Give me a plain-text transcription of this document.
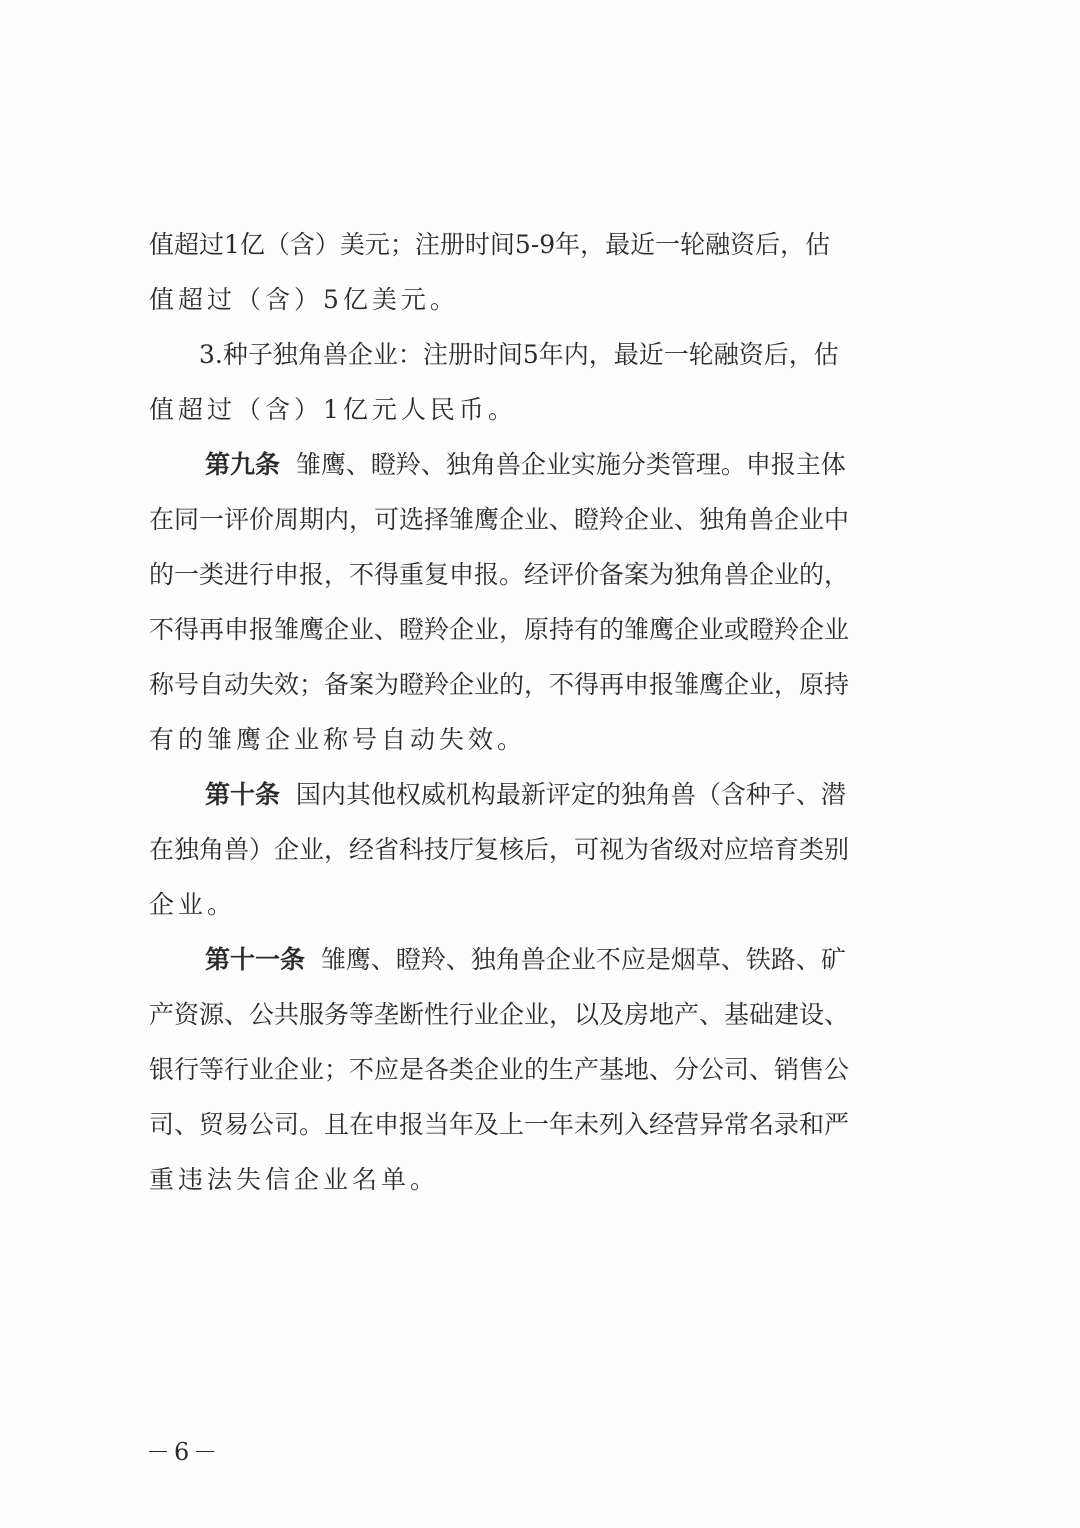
值超过1亿（含）美元；注册时间5-9年，最近一轮融资后，估
值超过（含）5亿美元。
3.种子独角兽企业：注册时间5年内，最近一轮融资后，估
值超过（含）1亿元人民币。
第九条 雏鹰、瞪羚、独角兽企业实施分类管理。申报主体
在同一评价周期内，可选择雏鹰企业、瞪羚企业、独角兽企业中
的一类进行申报，不得重复申报。经评价备案为独角兽企业的，
不得再申报雏鹰企业、瞪羚企业，原持有的雏鹰企业或瞪羚企业
称号自动失效；备案为瞪羚企业的，不得再申报雏鹰企业，原持
有的雏鹰企业称号自动失效。
第十条 国内其他权威机构最新评定的独角兽（含种子、潜
在独角兽）企业，经省科技厅复核后，可视为省级对应培育类别
企业。
第十一条 雏鹰、瞪羚、独角兽企业不应是烟草、铁路、矿
产资源、公共服务等垄断性行业企业，以及房地产、基础建设、
银行等行业企业；不应是各类企业的生产基地、分公司、销售公
司、贸易公司。且在申报当年及上一年未列入经营异常名录和严
重违法失信企业名单。
－6－
